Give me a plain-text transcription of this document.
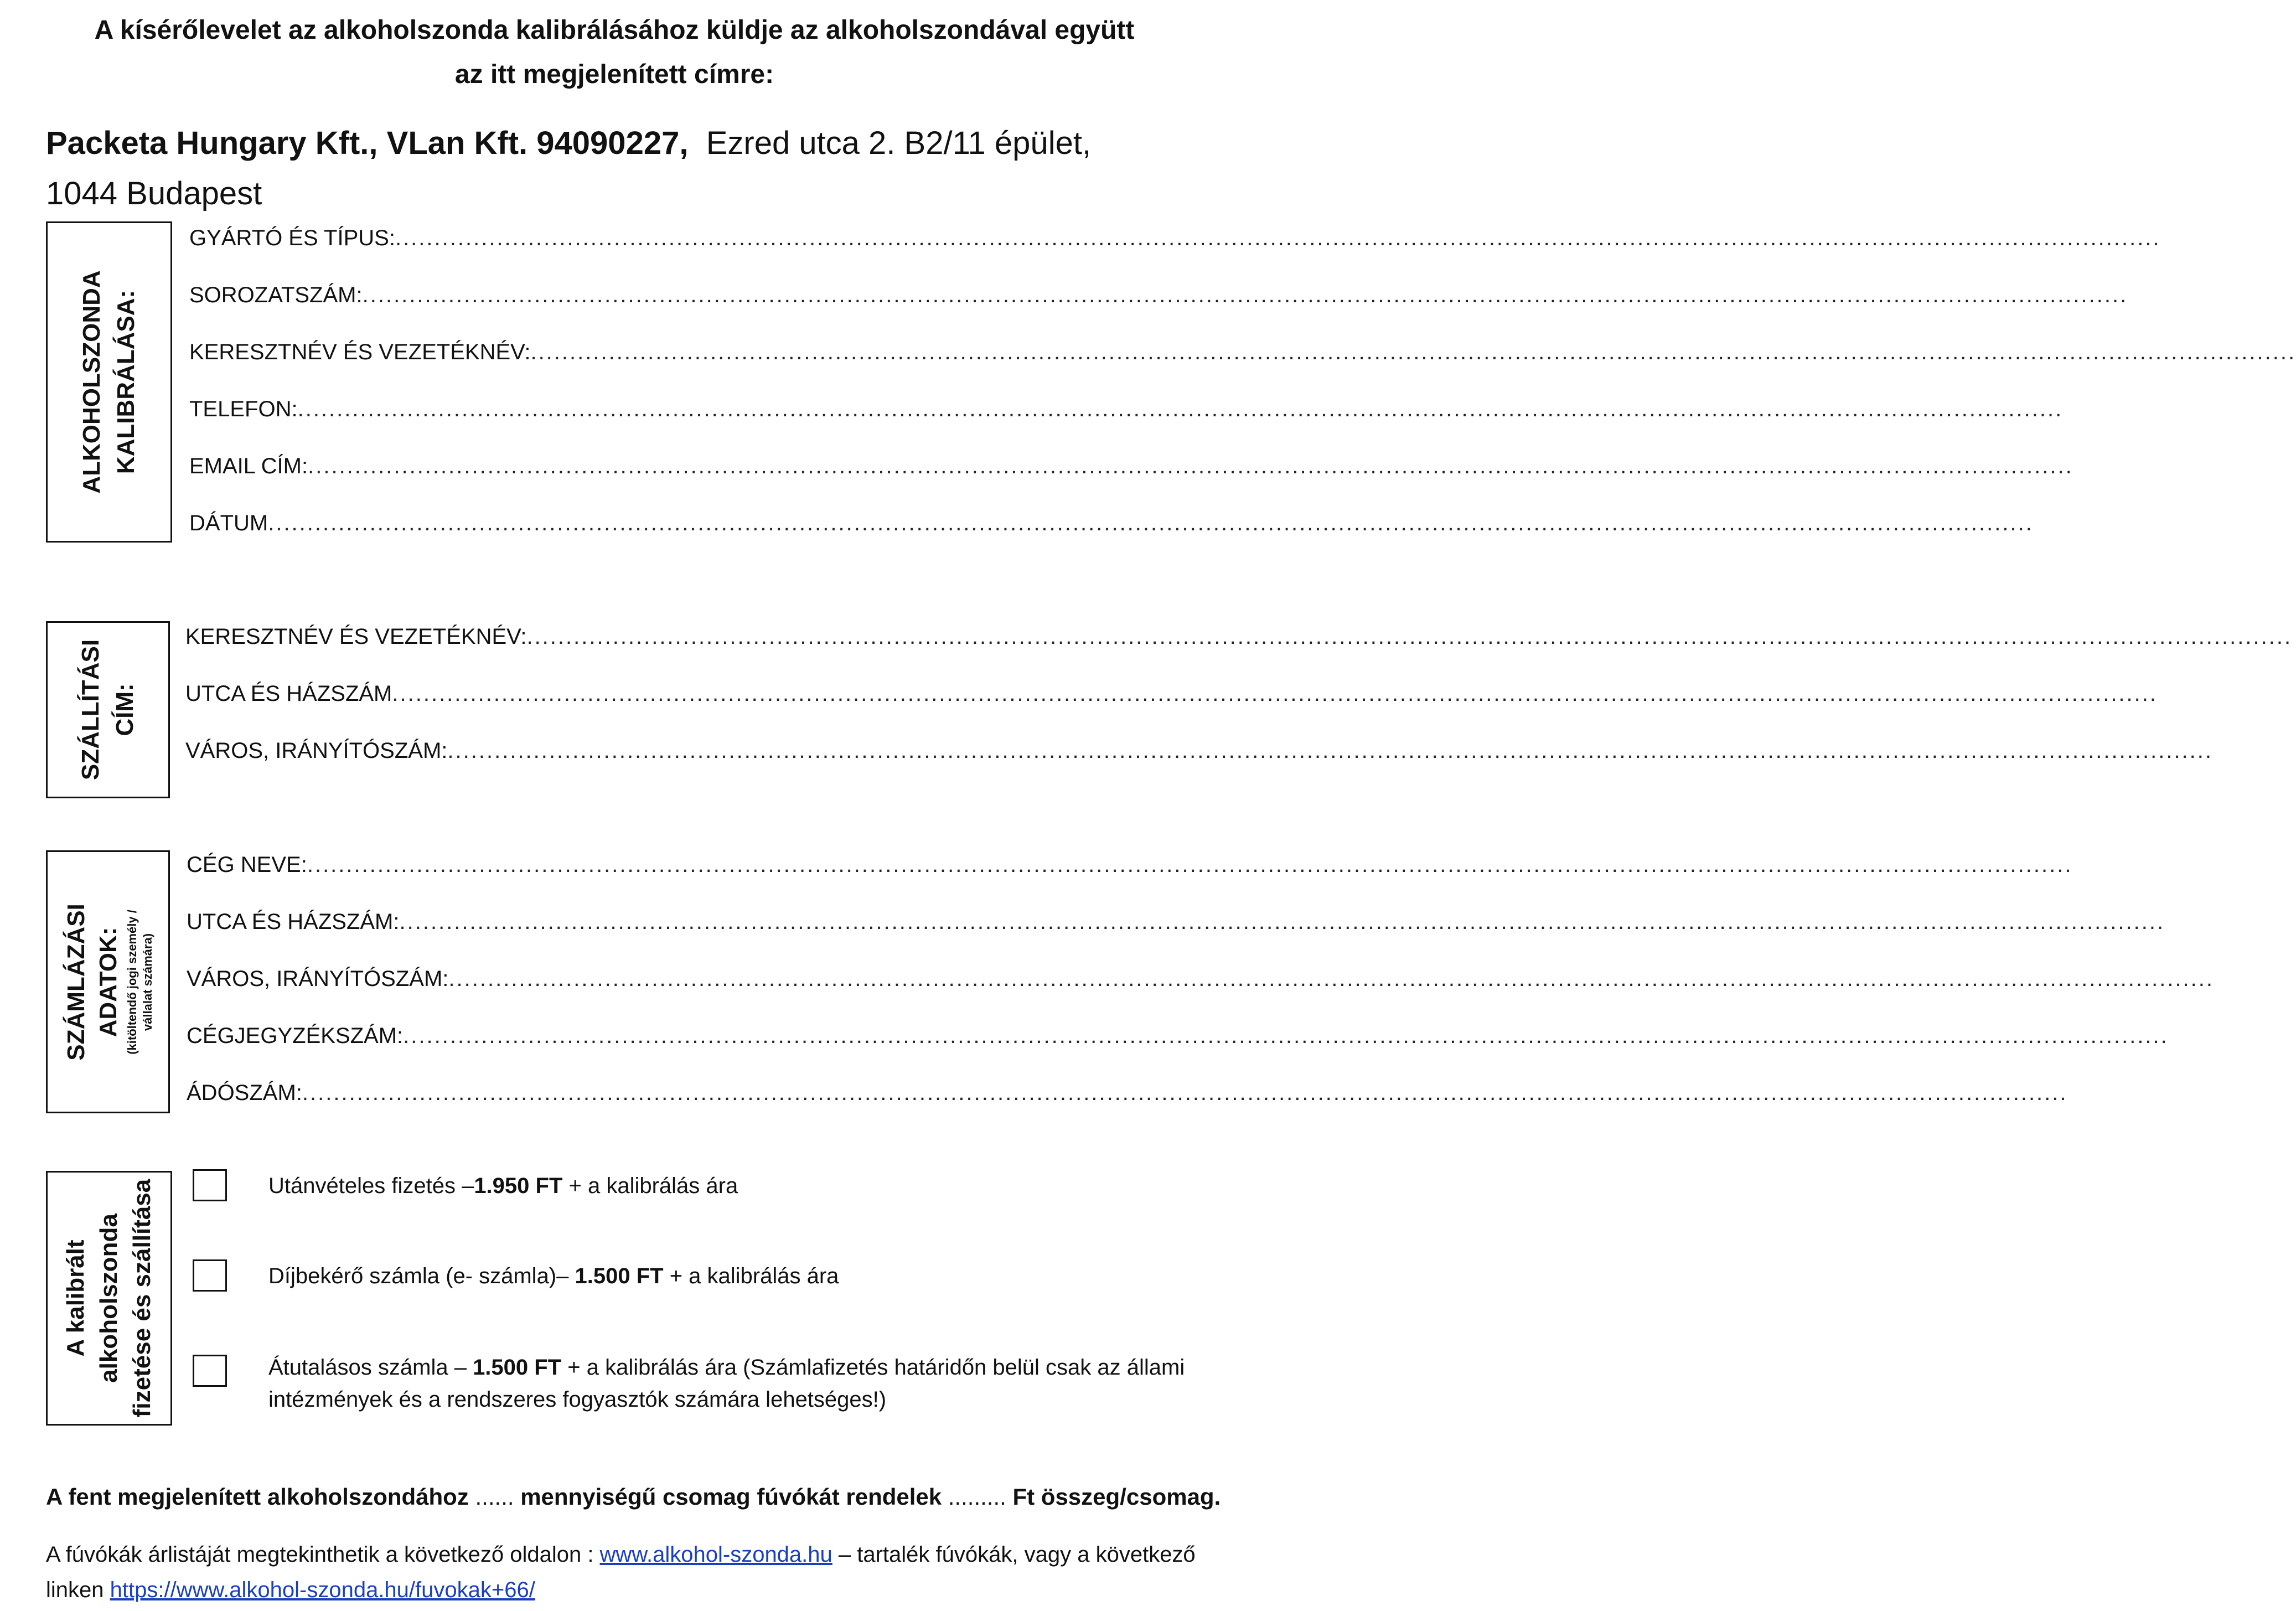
A kísérőlevelet az alkoholszonda kalibrálásához küldje az alkoholszondával együtt
az itt megjelenített címre:
Packeta Hungary Kft., VLan Kft. 94090227, Ezred utca 2. B2/11 épület,
1044 Budapest
ALKOHOLSZONDA KALIBRÁLÁSA:
GYÁRTÓ ÉS TÍPUS: ..................................................................................................................................................................................................................................
SOROZATSZÁM: ..................................................................................................................................................................................................................................
KERESZTNÉV ÉS VEZETÉKNÉV: ..................................................................................................................................................................................................................................
TELEFON: ..................................................................................................................................................................................................................................
EMAIL CÍM: ..................................................................................................................................................................................................................................
DÁTUM ..................................................................................................................................................................................................................................
SZÁLLÍTÁSI CÍM:
KERESZTNÉV ÉS VEZETÉKNÉV: ..................................................................................................................................................................................................................................
UTCA ÉS HÁZSZÁM ..................................................................................................................................................................................................................................
VÁROS, IRÁNYÍTÓSZÁM: ..................................................................................................................................................................................................................................
SZÁMLÁZÁSI ADATOK: (kitöltendő jogi személy / vállalat számára)
CÉG NEVE: ..................................................................................................................................................................................................................................
UTCA ÉS HÁZSZÁM: ..................................................................................................................................................................................................................................
VÁROS, IRÁNYÍTÓSZÁM: ..................................................................................................................................................................................................................................
CÉGJEGYZÉKSZÁM: ..................................................................................................................................................................................................................................
ÁDÓSZÁM: ..................................................................................................................................................................................................................................
A kalibrált alkoholszonda fizetése és szállítása	Utánvételes fizetés –1.950 FT + a kalibrálás ára
Díjbekérő számla (e- számla)– 1.500 FT + a kalibrálás ára
Átutalásos számla – 1.500 FT + a kalibrálás ára (Számlafizetés határidőn belül csak az állami
intézmények és a rendszeres fogyasztók számára lehetséges!)
A fent megjelenített alkoholszondához ...... mennyiségű csomag fúvókát rendelek ......... Ft összeg/csomag.
A fúvókák árlistáját megtekinthetik a következő oldalon : www.alkohol-szonda.hu – tartalék fúvókák, vagy a következő
linken https://www.alkohol-szonda.hu/fuvokak+66/
